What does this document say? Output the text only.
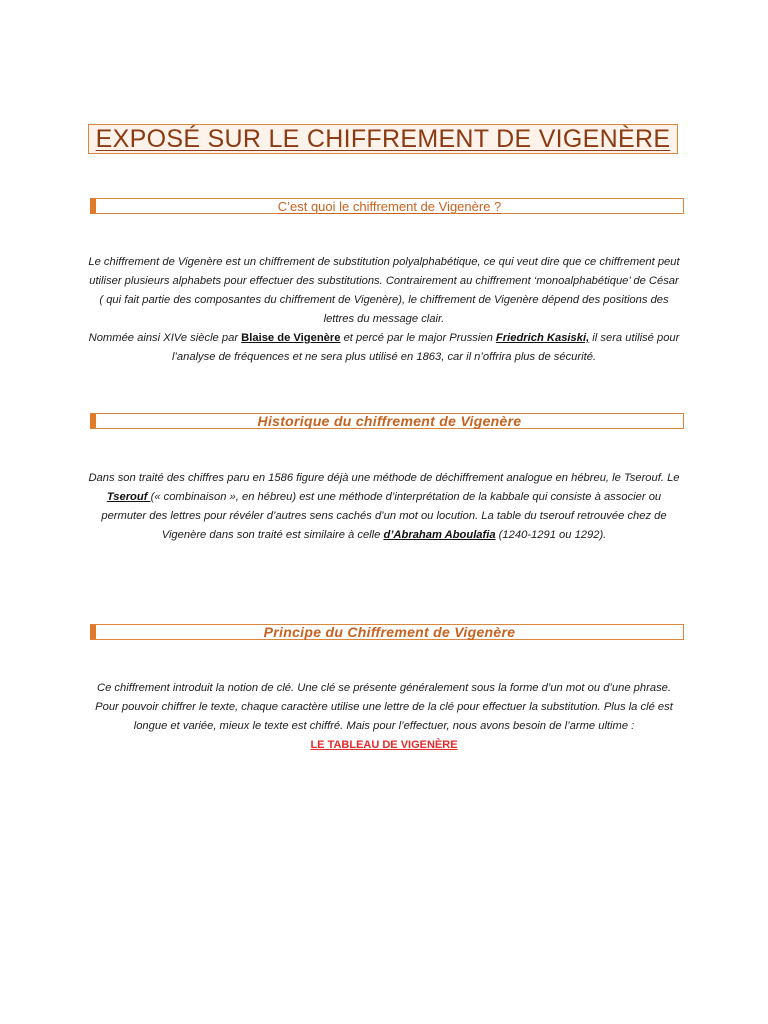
EXPOSÉ SUR LE CHIFFREMENT DE VIGENÈRE
C’est quoi le chiffrement de Vigenère ?

Le chiffrement de Vigenère est un chiffrement de substitution polyalphabétique, ce qui veut dire que ce chiffrement peut utiliser plusieurs alphabets pour effectuer des substitutions. Contrairement au chiffrement ‘monoalphabétique’ de César ( qui fait partie des composantes du chiffrement de Vigenère), le chiffrement de Vigenère dépend des positions des lettres du message clair.

Nommée ainsi XIVe siècle par Blaise de Vigenère et percé par le major Prussien Friedrich Kasiski, il sera utilisé pour l’analyse de fréquences et ne sera plus utilisé en 1863, car il n’offrira plus de sécurité.

Historique du chiffrement de Vigenère

Dans son traité des chiffres paru en 1586 figure déjà une méthode de déchiffrement analogue en hébreu, le Tserouf. Le Tserouf (« combinaison », en hébreu) est une méthode d’interprétation de la kabbale qui consiste à associer ou permuter des lettres pour révéler d’autres sens cachés d’un mot ou locution. La table du tserouf retrouvée chez de Vigenère dans son traité est similaire à celle d’Abraham Aboulafia (1240-1291 ou 1292).

Principe du Chiffrement de Vigenère

Ce chiffrement introduit la notion de clé. Une clé se présente généralement sous la forme d’un mot ou d’une phrase. Pour pouvoir chiffrer le texte, chaque caractère utilise une lettre de la clé pour effectuer la substitution. Plus la clé est longue et variée, mieux le texte est chiffré. Mais pour l’effectuer, nous avons besoin de l’arme ultime :

LE TABLEAU DE VIGENÈRE
